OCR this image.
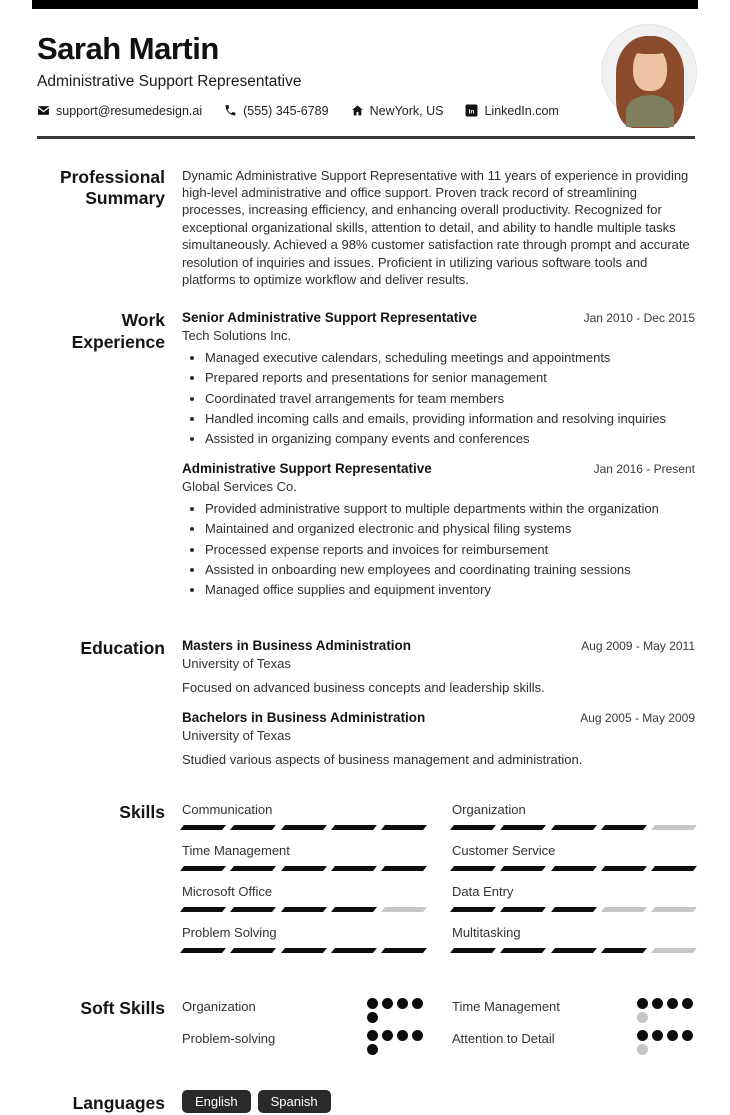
Sarah Martin
Administrative Support Representative
support@resumedesign.ai	(555) 345-6789	NewYork, US in LinkedIn.com
Professional Summary
Dynamic Administrative Support Representative with 11 years of experience in providing high-level administrative and office support. Proven track record of streamlining processes, increasing efficiency, and enhancing overall productivity. Recognized for exceptional organizational skills, attention to detail, and ability to handle multiple tasks simultaneously. Achieved a 98% customer satisfaction rate through prompt and accurate resolution of inquiries and issues. Proficient in utilizing various software tools and platforms to optimize workflow and deliver results.
Work Experience
Senior Administrative Support Representative	Jan 2010 - Dec 2015
Tech Solutions Inc.
• Managed executive calendars, scheduling meetings and appointments
• Prepared reports and presentations for senior management
• Coordinated travel arrangements for team members
• Handled incoming calls and emails, providing information and resolving inquiries
• Assisted in organizing company events and conferences
Administrative Support Representative	Jan 2016 - Present
Global Services Co.
• Provided administrative support to multiple departments within the organization
• Maintained and organized electronic and physical filing systems
• Processed expense reports and invoices for reimbursement
• Assisted in onboarding new employees and coordinating training sessions
• Managed office supplies and equipment inventory
Education Masters in Business Administration	Aug 2009 - May 2011
University of Texas
Focused on advanced business concepts and leadership skills.
Bachelors in Business Administration	Aug 2005 - May 2009
University of Texas
Studied various aspects of business management and administration.
Skills Communication	Organization
Time Management	Customer Service
Microsoft Office	Data Entry
Problem Solving	Multitasking
Soft Skills Organization	Time Management
Problem-solving	Attention to Detail
Languages	English	Spanish
